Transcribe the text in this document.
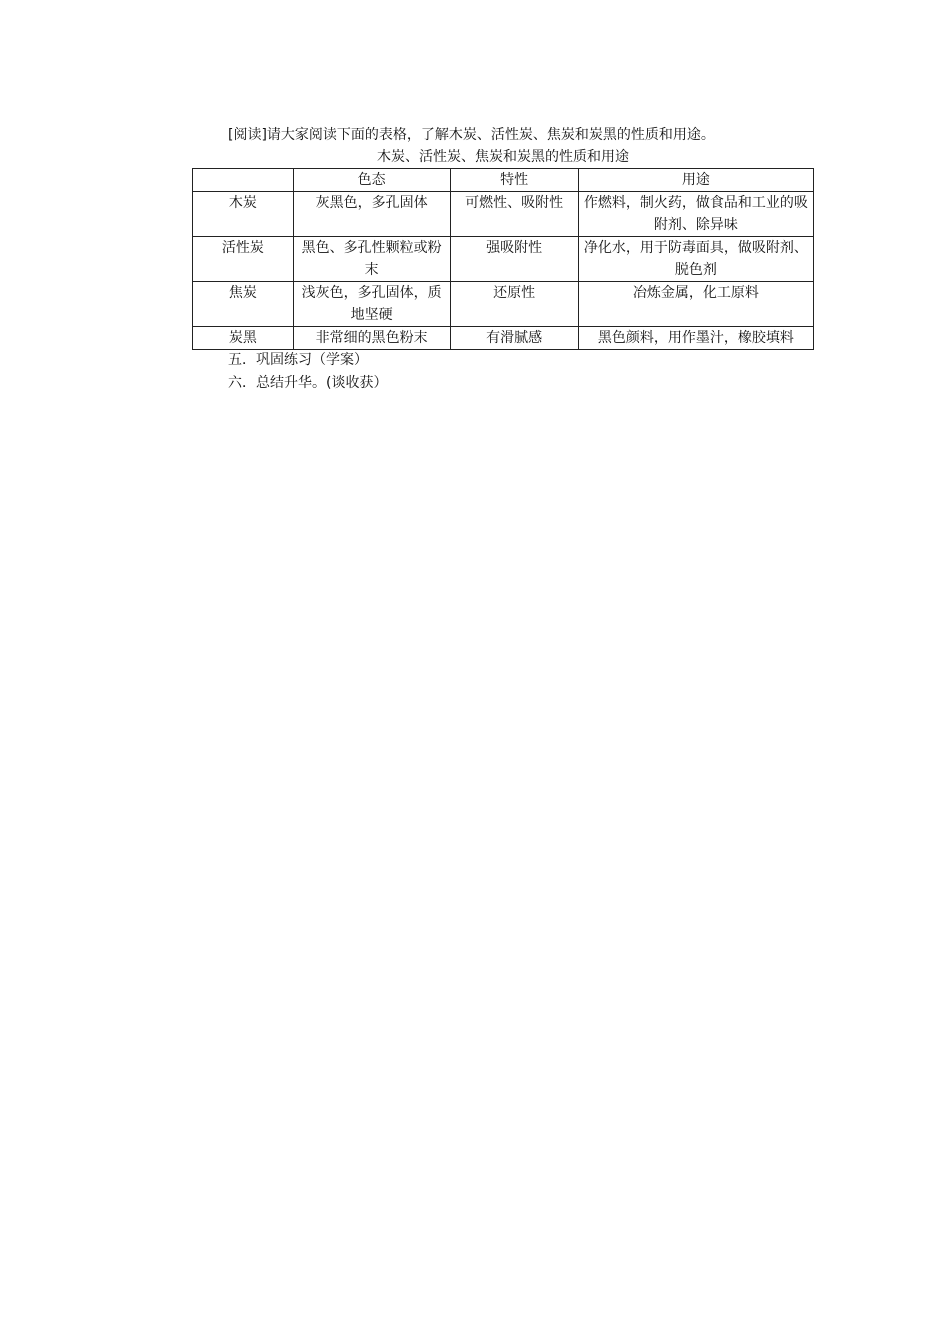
[阅读]请大家阅读下面的表格，了解木炭、活性炭、焦炭和炭黑的性质和用途。
木炭、活性炭、焦炭和炭黑的性质和用途
	色态	特性	用途
木炭	灰黑色，多孔固体	可燃性、吸附性	作燃料，制火药，做食品和工业的吸附剂、除异味
活性炭	黑色、多孔性颗粒或粉末	强吸附性	净化水，用于防毒面具，做吸附剂、脱色剂
焦炭	浅灰色，多孔固体，质地坚硬	还原性	冶炼金属，化工原料
炭黑	非常细的黑色粉末	有滑腻感	黑色颜料，用作墨汁，橡胶填料
五．巩固练习（学案）
六．总结升华。(谈收获）
